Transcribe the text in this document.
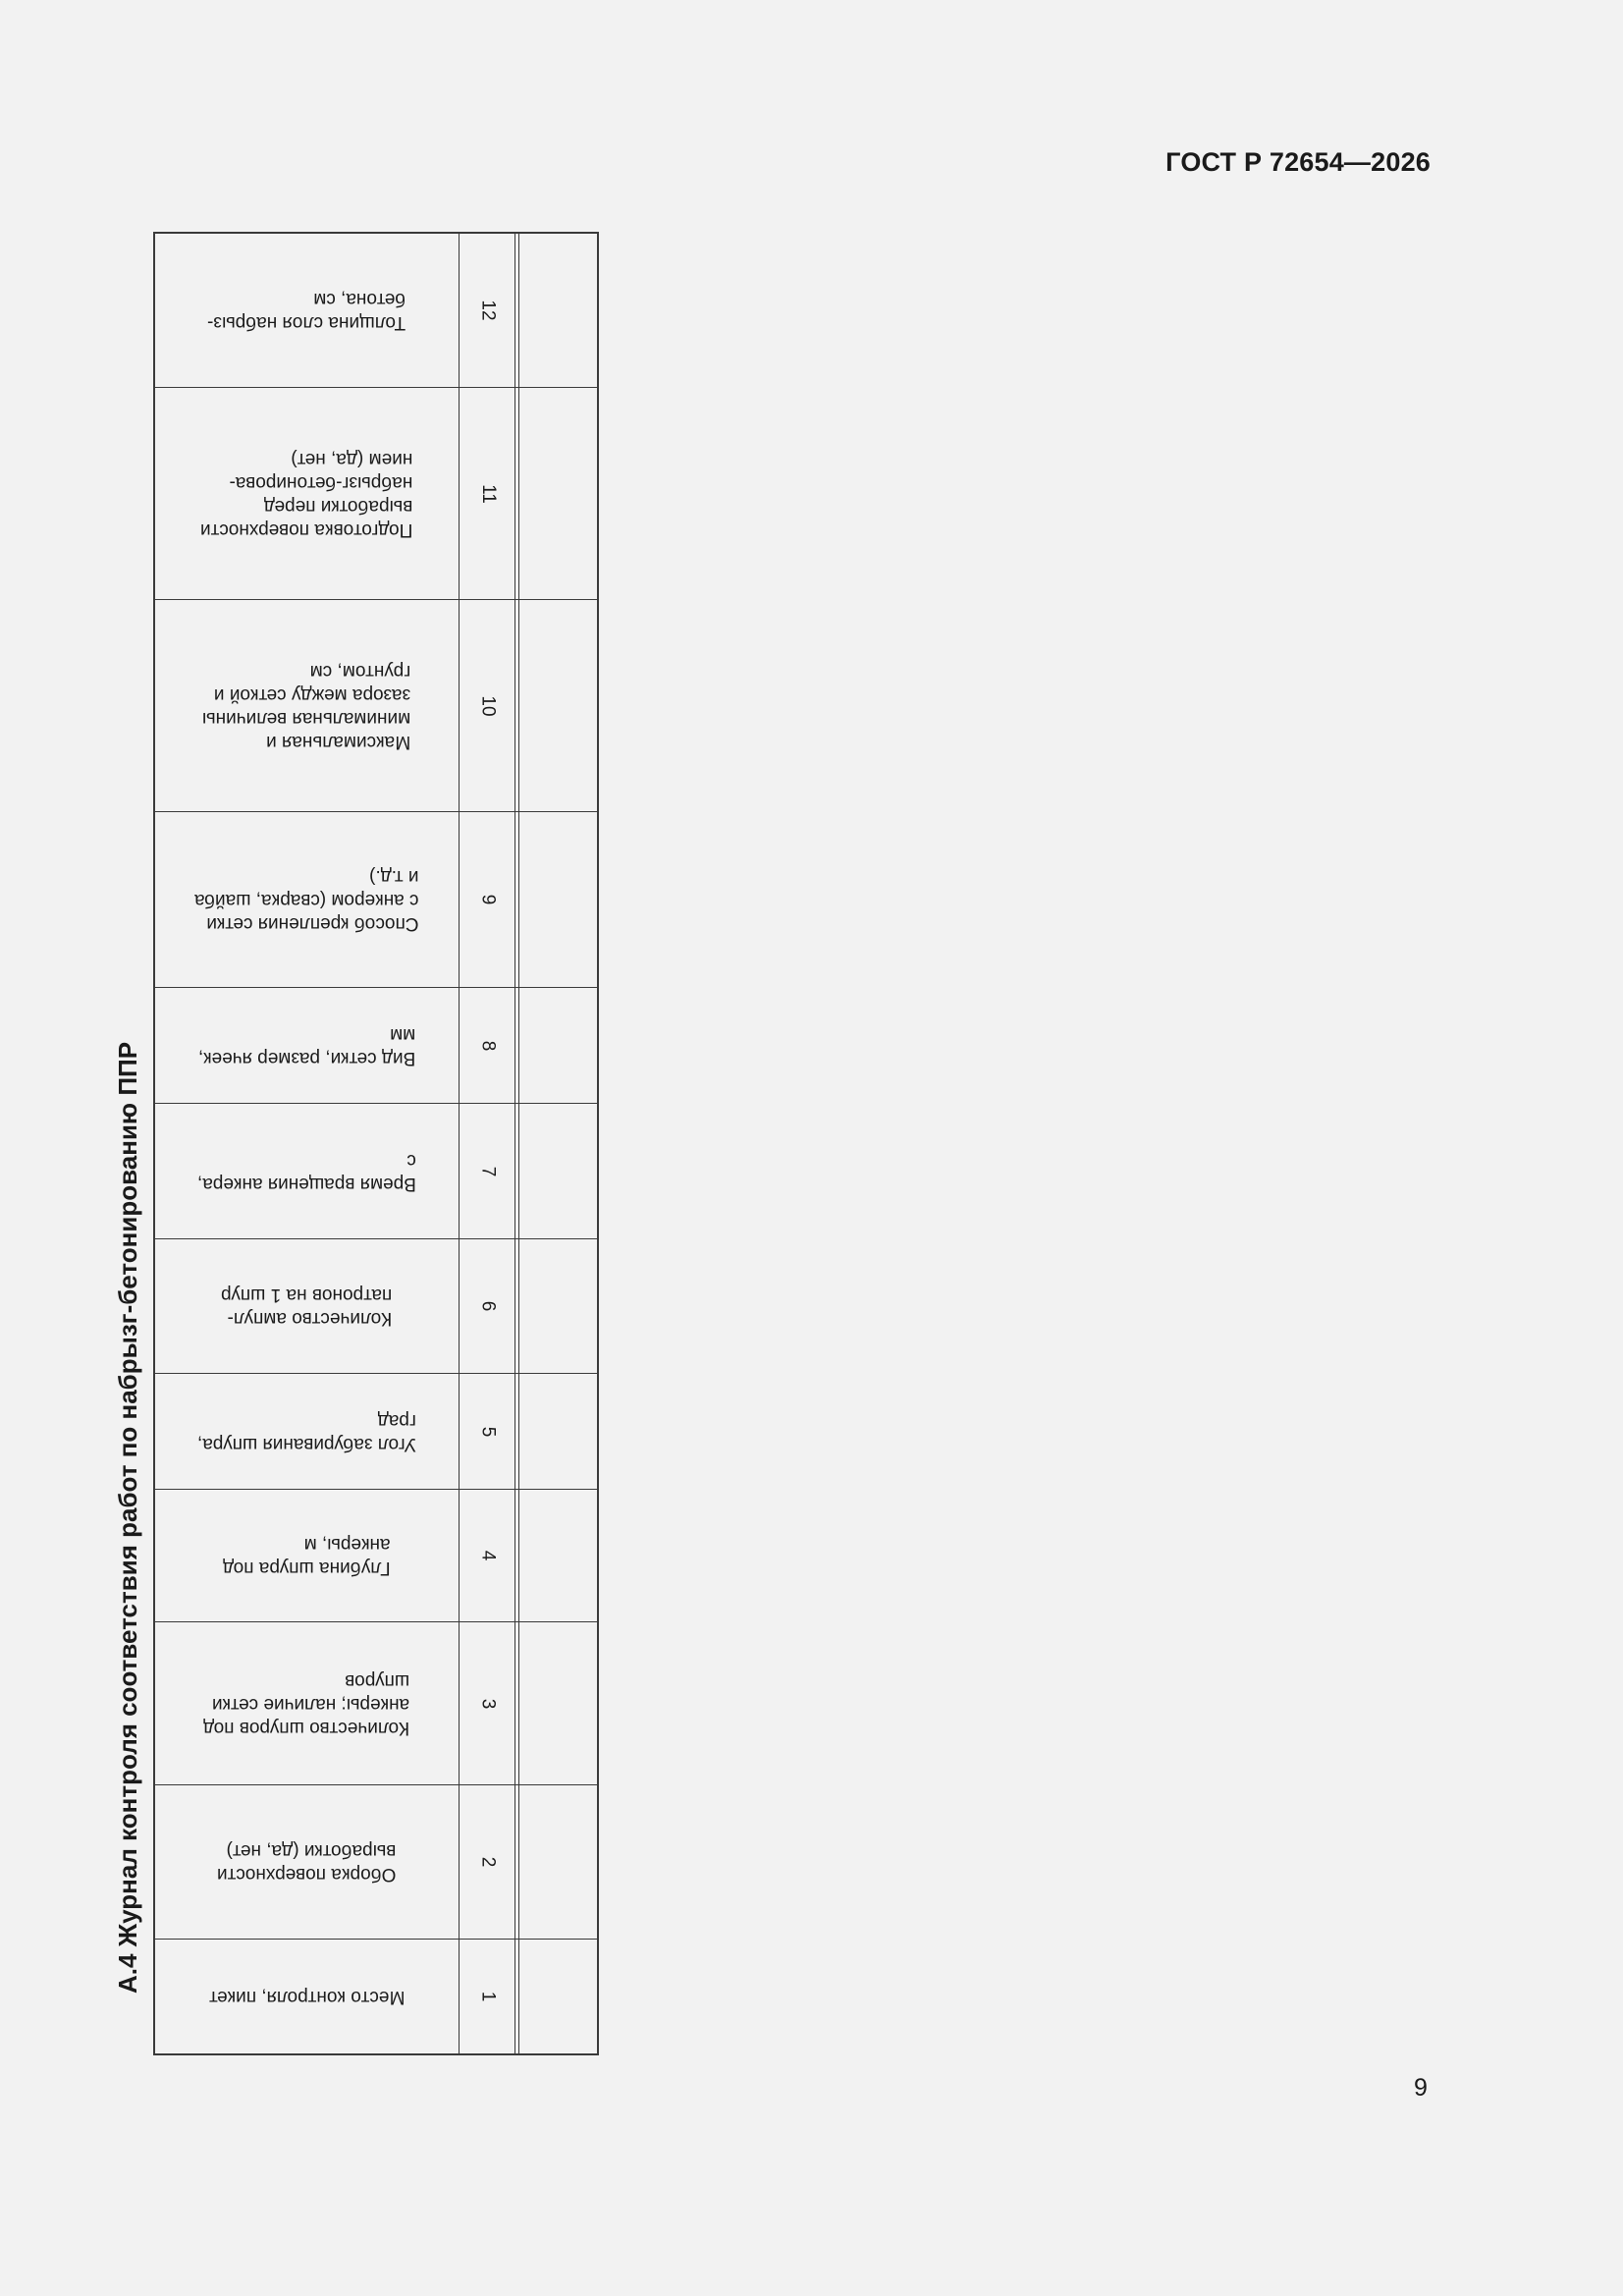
ГОСТ Р 72654—2026
А.4 Журнал контроля соответствия работ по набрызг-бетонированию ППР
Толщина слоя набрыз-
бетона, см
12
Подготовка поверхности
выработки перед
набрызг-бетонирова-
нием (да, нет)
11
Максимальная и
минимальная величины
зазора между сеткой и
грунтом, см
10
Способ крепления сетки
с анкером (сварка, шайба
и т.д.)
9
Вид сетки, размер ячеек,
мм
8
Время вращения анкера,
с
7
Количество ампул-
патронов на 1 шпур
6
Угол забуривания шпура,
град
5
Глубина шпура под
анкеры, м
4
Количество шпуров под
анкеры; наличие сетки
шпуров
3
Оборка поверхности
выработки (да, нет)
2
Место контроля, пикет	1
9
